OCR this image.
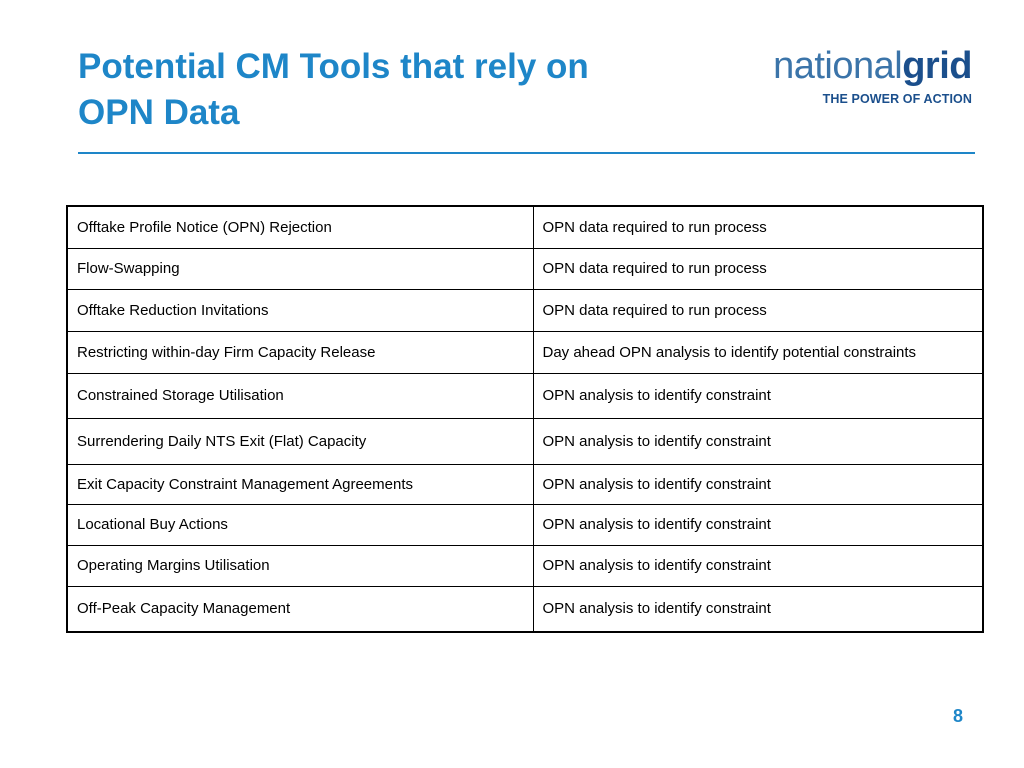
Potential CM Tools that rely on
OPN Data
nationalgrid
THE POWER OF ACTION
Offtake Profile Notice (OPN) Rejection	OPN data required to run process
Flow-Swapping	OPN data required to run process
Offtake Reduction Invitations	OPN data required to run process
Restricting within-day Firm Capacity Release	Day ahead OPN analysis to identify potential constraints
Constrained Storage Utilisation	OPN analysis to identify constraint
Surrendering Daily NTS Exit (Flat) Capacity	OPN analysis to identify constraint
Exit Capacity Constraint Management Agreements	OPN analysis to identify constraint
Locational Buy Actions	OPN analysis to identify constraint
Operating Margins Utilisation	OPN analysis to identify constraint
Off-Peak Capacity Management	OPN analysis to identify constraint
8
